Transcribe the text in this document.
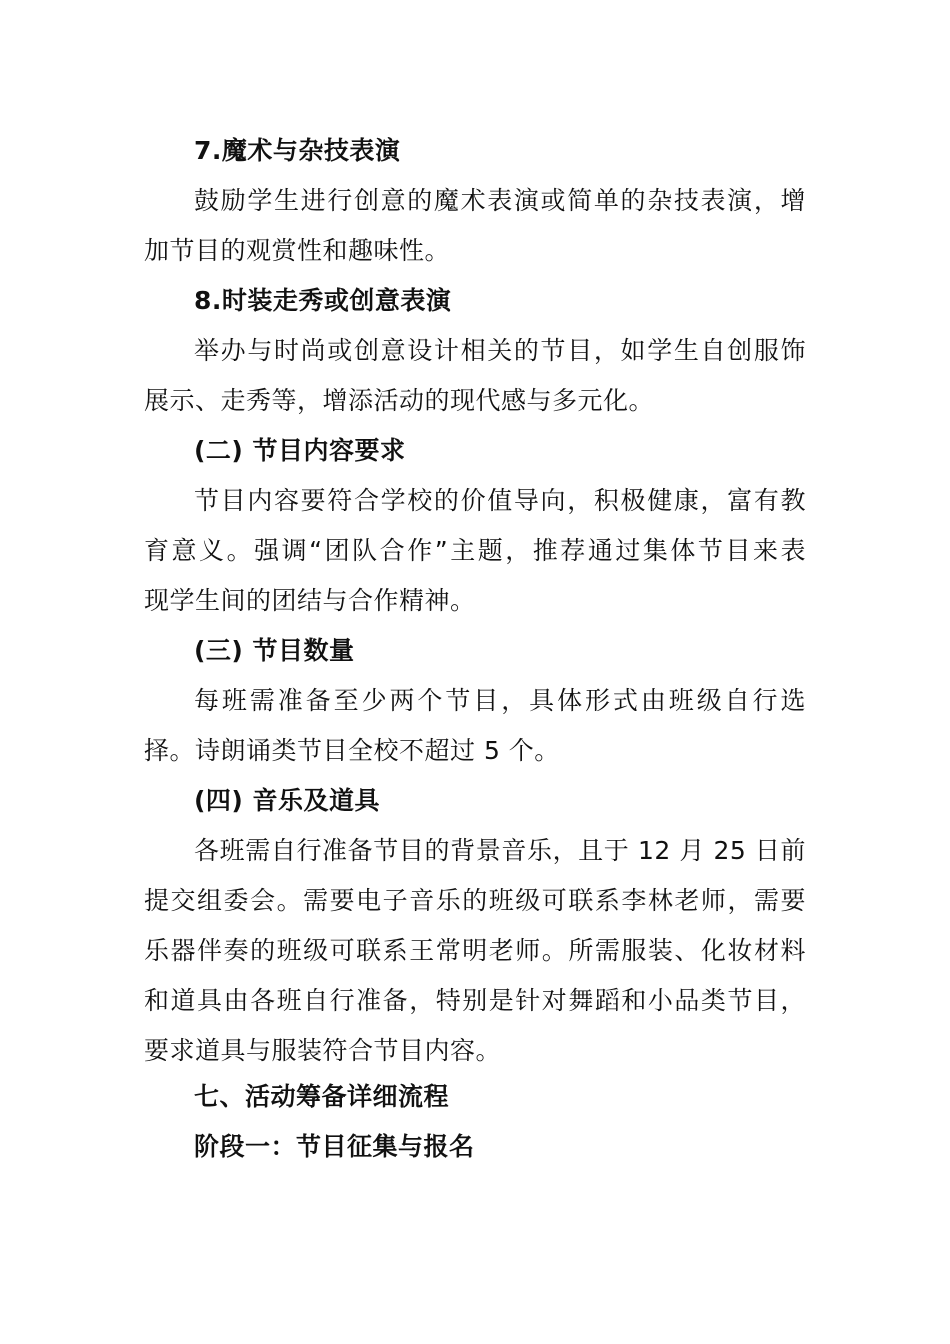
7.魔术与杂技表演
鼓励学生进行创意的魔术表演或简单的杂技表演，增
加节目的观赏性和趣味性。
8.时装走秀或创意表演
举办与时尚或创意设计相关的节目，如学生自创服饰
展示、走秀等，增添活动的现代感与多元化。
(二) 节目内容要求
节目内容要符合学校的价值导向，积极健康，富有教
育意义。强调“团队合作”主题，推荐通过集体节目来表
现学生间的团结与合作精神。
(三) 节目数量
每班需准备至少两个节目，具体形式由班级自行选
择。诗朗诵类节目全校不超过 5 个。
(四) 音乐及道具
各班需自行准备节目的背景音乐，且于 12 月 25 日前
提交组委会。需要电子音乐的班级可联系李林老师，需要
乐器伴奏的班级可联系王常明老师。所需服装、化妆材料
和道具由各班自行准备，特别是针对舞蹈和小品类节目，
要求道具与服装符合节目内容。
七、活动筹备详细流程
阶段一：节目征集与报名
